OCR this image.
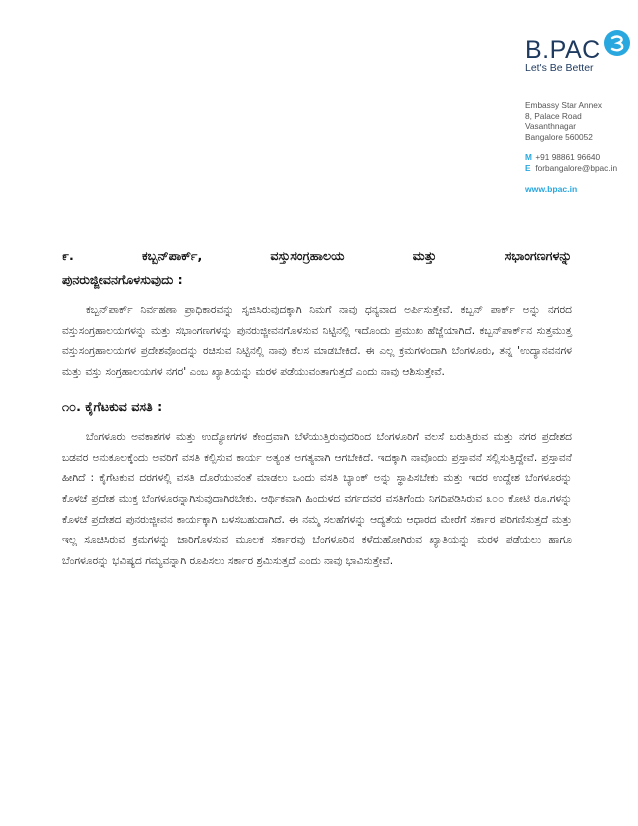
B.PAC
Let's Be Better
Embassy Star Annex
8, Palace Road
Vasanthnagar
Bangalore 560052
M +91 98861 96640
E forbangalore@bpac.in
www.bpac.in
೯. ಕಬ್ಬನ್‌ಪಾರ್ಕ್, ವಸ್ತುಸಂಗ್ರಹಾಲಯ ಮತ್ತು ಸಭಾಂಗಣಗಳನ್ನು
ಪುನರುಜ್ಜೀವನಗೊಳಸುವುದು :

ಕಬ್ಬನ್‌ಪಾರ್ಕ್ ನಿರ್ವಹಣಾ ಪ್ರಾಧಿಕಾರವನ್ನು ಸೃಜಿಸಿರುವುದಕ್ಕಾಗಿ ನಿಮಗೆ ನಾವು ಧನ್ಯವಾದ ಅರ್ಪಿಸುತ್ತೇವೆ. ಕಬ್ಬನ್ ಪಾರ್ಕ್ ಅನ್ನು ನಗರದ ವಸ್ತುಸಂಗ್ರಹಾಲಯಗಳನ್ನು ಮತ್ತು ಸಭಾಂಗಣಗಳನ್ನು ಪುನರುಜ್ಜೀವನಗೊಳಸುವ ನಿಟ್ಟಿನಲ್ಲಿ ಇದೊಂದು ಪ್ರಮುಖ ಹೆಜ್ಜೆಯಾಗಿದೆ. ಕಬ್ಬನ್‌ಪಾರ್ಕ್‌ನ ಸುತ್ತಮುತ್ತ ವಸ್ತುಸಂಗ್ರಹಾಲಯಗಳ ಪ್ರದೇಶವೊಂದನ್ನು ರಚಿಸುವ ನಿಟ್ಟಿನಲ್ಲಿ ನಾವು ಕೆಲಸ ಮಾಡಬೇಕಿದೆ. ಈ ಎಲ್ಲ ಕ್ರಮಗಳಂದಾಗಿ ಬೆಂಗಳೂರು, ತನ್ನ 'ಉದ್ಯಾನವನಗಳ ಮತ್ತು ವಸ್ತು ಸಂಗ್ರಹಾಲಯಗಳ ನಗರ' ಎಂಬ ಖ್ಯಾತಿಯನ್ನು ಮರಳ ಪಡೆಯುವಂತಾಗುತ್ತದೆ ಎಂದು ನಾವು ಆಶಿಸುತ್ತೇವೆ.

೧೦. ಕೈಗೆಟಕುವ ವಸತಿ :

ಬೆಂಗಳೂರು ಅವಕಾಶಗಳ ಮತ್ತು ಉದ್ಯೋಗಗಳ ಕೇಂದ್ರವಾಗಿ ಬೆಳೆಯುತ್ತಿರುವುದರಿಂದ ಬೆಂಗಳೂರಿಗೆ ವಲಸೆ ಬರುತ್ತಿರುವ ಮತ್ತು ನಗರ ಪ್ರದೇಶದ ಬಡವರ ಅನುಕೂಲಕ್ಕೆಂದು ಅವರಿಗೆ ವಸತಿ ಕಲ್ಪಿಸುವ ಕಾರ್ಯ ಅತ್ಯಂತ ಅಗತ್ಯವಾಗಿ ಆಗಬೇಕಿದೆ. ಇದಕ್ಕಾಗಿ ನಾವೊಂದು ಪ್ರಸ್ತಾವನೆ ಸಲ್ಲಿಸುತ್ತಿದ್ದೇವೆ. ಪ್ರಸ್ತಾವನೆ ಹೀಗಿದೆ : ಕೈಗೆಟಕುವ ದರಗಳಲ್ಲಿ ವಸತಿ ದೊರೆಯುವಂತೆ ಮಾಡಲು ಒಂದು ವಸತಿ ಬ್ಯಾಂಕ್ ಅನ್ನು ಸ್ಥಾಪಿಸಬೇಕು ಮತ್ತು ಇದರ ಉದ್ದೇಶ ಬೆಂಗಳೂರನ್ನು ಕೊಳಚೆ ಪ್ರದೇಶ ಮುಕ್ತ ಬೆಂಗಳೂರನ್ನಾಗಿಸುವುದಾಗಿರಬೇಕು. ಆರ್ಥಿಕವಾಗಿ ಹಿಂದುಳದ ವರ್ಗದವರ ವಸತಿಗೆಂದು ನಿಗದಿಪಡಿಸಿರುವ ೩೦೦ ಕೋಟಿ ರೂ.ಗಳನ್ನು ಕೊಳಚೆ ಪ್ರದೇಶದ ಪುನರುಜ್ಜೀವನ ಕಾರ್ಯಕ್ಕಾಗಿ ಬಳಸಬಹುದಾಗಿದೆ. ಈ ನಮ್ಮ ಸಲಹೆಗಳನ್ನು ಆದ್ಯತೆಯ ಆಧಾರದ ಮೇರೆಗೆ ಸರ್ಕಾರ ಪರಿಗಣಿಸುತ್ತದೆ ಮತ್ತು ಇಲ್ಲ ಸೂಚಿಸಿರುವ ಕ್ರಮಗಳನ್ನು ಜಾರಿಗೊಳಸುವ ಮೂಲಕ ಸರ್ಕಾರವು ಬೆಂಗಳೂರಿನ ಕಳೆದುಹೋಗಿರುವ ಖ್ಯಾತಿಯನ್ನು ಮರಳ ಪಡೆಯಲು ಹಾಗೂ ಬೆಂಗಳೂರನ್ನು ಭವಿಷ್ಯದ ಗಮ್ಯವನ್ನಾಗಿ ರೂಪಿಸಲು ಸರ್ಕಾರ ಶ್ರಮಿಸುತ್ತದೆ ಎಂದು ನಾವು ಭಾವಿಸುತ್ತೇವೆ.
